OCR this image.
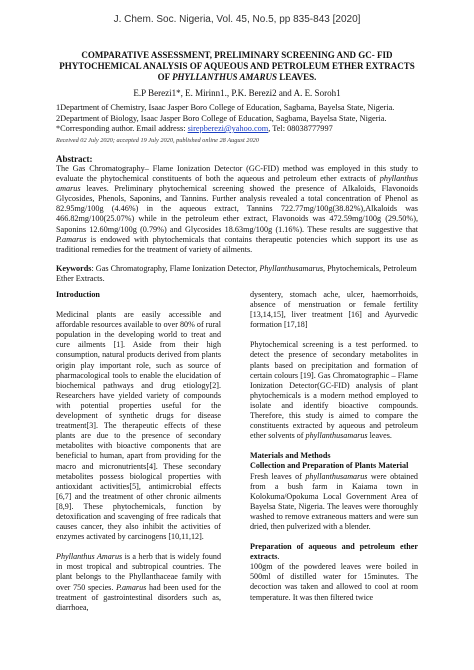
J. Chem. Soc. Nigeria, Vol. 45, No.5, pp 835-843 [2020]
COMPARATIVE ASSESSMENT, PRELIMINARY SCREENING AND GC- FID
PHYTOCHEMICAL ANALYSIS OF AQUEOUS AND PETROLEUM ETHER EXTRACTS
OF PHYLLANTHUS AMARUS LEAVES.
E.P Berezi1*, E. Mirinn1., P.K. Berezi2 and A. E. Soroh1
1Department of Chemistry, Isaac Jasper Boro College of Education, Sagbama, Bayelsa State, Nigeria.
2Department of Biology, Isaac Jasper Boro College of Education, Sagbama, Bayelsa State, Nigeria.
*Corresponding author. Email address: sirepberezi@yahoo.com, Tel: 08038777997
Received 02 July 2020; accepted 19 July 2020, published online 28 August 2020
Abstract:
The Gas Chromatography– Flame Ionization Detector (GC-FID) method was employed in this study to evaluate the phytochemical constituents of both the aqueous and petroleum ether extracts of phyllanthus amarus leaves. Preliminary phytochemical screening showed the presence of Alkaloids, Flavonoids Glycosides, Phenols, Saponins, and Tannins. Further analysis revealed a total concentration of Phenol as 82.95mg/100g (4.46%) in the aqueous extract, Tannins 722.77mg/100g(38.82%),Alkaloids was 466.82mg/100(25.07%) while in the petroleum ether extract, Flavonoids was 472.59mg/100g (29.50%), Saponins 12.60mg/100g (0.79%) and Glycosides 18.63mg/100g (1.16%). These results are suggestive that P.amarus is endowed with phytochemicals that contains therapeutic potencies which support its use as traditional remedies for the treatment of variety of ailments.
Keywords: Gas Chromatography, Flame Ionization Detector, Phyllanthusamarus, Phytochemicals, Petroleum Ether Extracts.
Introduction
Medicinal plants are easily accessible and affordable resources available to over 80% of rural population in the developing world to treat and cure ailments [1]. Aside from their high consumption, natural products derived from plants origin play important role, such as source of pharmacological tools to enable the elucidation of biochemical pathways and drug etiology[2]. Researchers have yielded variety of compounds with potential properties useful for the development of synthetic drugs for disease treatment[3]. The therapeutic effects of these plants are due to the presence of secondary metabolites with bioactive components that are beneficial to human, apart from providing for the macro and micronutrients[4]. These secondary metabolites possess biological properties with antioxidant activities[5], antimicrobial effects [6,7] and the treatment of other chronic ailments [8,9]. These phytochemicals, function by detoxification and scavenging of free radicals that causes cancer, they also inhibit the activities of enzymes activated by carcinogens [10,11,12].
Phyllanthus Amarus is a herb that is widely found in most tropical and subtropical countries. The plant belongs to the Phyllanthaceae family with over 750 species. P.amarus had been used for the treatment of gastrointestinal disorders such as, diarrhoea,
dysentery, stomach ache, ulcer, haemorrhoids, absence of menstruation or female fertility [13,14,15], liver treatment [16] and Ayurvedic formation [17,18]
Phytochemical screening is a test performed. to detect the presence of secondary metabolites in plants based on precipitation and formation of certain colours [19]. Gas Chromatographic – Flame Ionization Detector(GC-FID) analysis of plant phytochemicals is a modern method employed to isolate and identify bioactive compounds. Therefore, this study is aimed to compare the constituents extracted by aqueous and petroleum ether solvents of phyllanthusamarus leaves.
Materials and Methods
Collection and Preparation of Plants Material
Fresh leaves of phyllanthusamarus were obtained from a bush farm in Kaiama town in Kolokuma/Opokuma Local Government Area of Bayelsa State, Nigeria. The leaves were thoroughly washed to remove extraneous matters and were sun dried, then pulverized with a blender.
Preparation of aqueous and petroleum ether extracts.
100gm of the powdered leaves were boiled in 500ml of distilled water for 15minutes. The decoction was taken and allowed to cool at room temperature. It was then filtered twice
